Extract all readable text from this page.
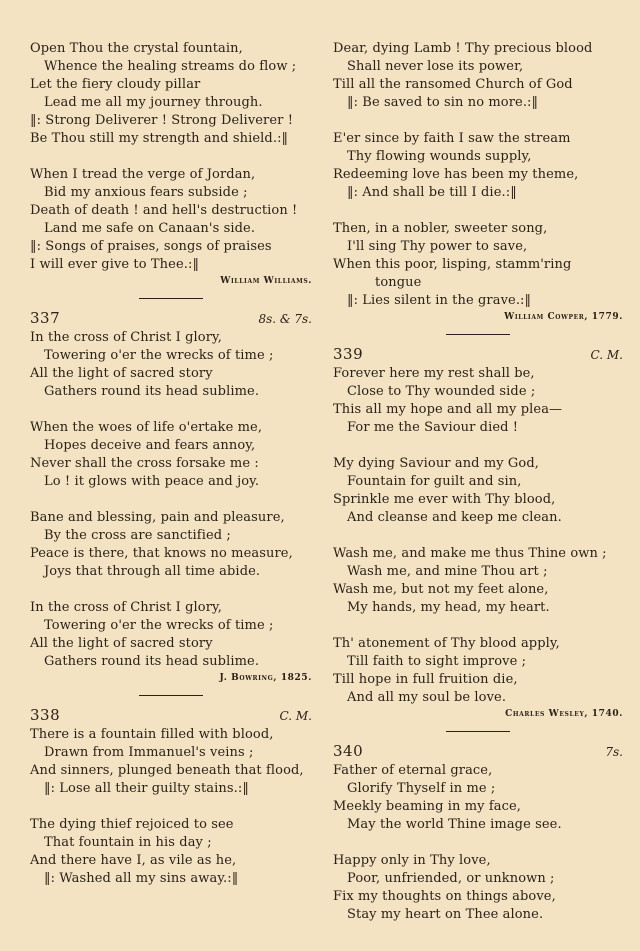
Open Thou the crystal fountain,
Whence the healing streams do flow ;
Let the fiery cloudy pillar
Lead me all my journey through.
‖: Strong Deliverer ! Strong Deliverer !
Be Thou still my strength and shield.:‖
When I tread the verge of Jordan,
Bid my anxious fears subside ;
Death of death ! and hell's destruction !
Land me safe on Canaan's side.
‖: Songs of praises, songs of praises
I will ever give to Thee.:‖
William Williams.
337	8s. & 7s.
In the cross of Christ I glory,
Towering o'er the wrecks of time ;
All the light of sacred story
Gathers round its head sublime.
When the woes of life o'ertake me,
Hopes deceive and fears annoy,
Never shall the cross forsake me :
Lo ! it glows with peace and joy.
Bane and blessing, pain and pleasure,
By the cross are sanctified ;
Peace is there, that knows no measure,
Joys that through all time abide.
In the cross of Christ I glory,
Towering o'er the wrecks of time ;
All the light of sacred story
Gathers round its head sublime.
J. Bowring, 1825.
338	C. M.
There is a fountain filled with blood,
Drawn from Immanuel's veins ;
And sinners, plunged beneath that flood,
‖: Lose all their guilty stains.:‖
The dying thief rejoiced to see
That fountain in his day ;
And there have I, as vile as he,
‖: Washed all my sins away.:‖
Dear, dying Lamb ! Thy precious blood
Shall never lose its power,
Till all the ransomed Church of God
‖: Be saved to sin no more.:‖
E'er since by faith I saw the stream
Thy flowing wounds supply,
Redeeming love has been my theme,
‖: And shall be till I die.:‖
Then, in a nobler, sweeter song,
I'll sing Thy power to save,
When this poor, lisping, stamm'ring
tongue
‖: Lies silent in the grave.:‖
William Cowper, 1779.
339	C. M.
Forever here my rest shall be,
Close to Thy wounded side ;
This all my hope and all my plea—
For me the Saviour died !
My dying Saviour and my God,
Fountain for guilt and sin,
Sprinkle me ever with Thy blood,
And cleanse and keep me clean.
Wash me, and make me thus Thine own ;
Wash me, and mine Thou art ;
Wash me, but not my feet alone,
My hands, my head, my heart.
Th' atonement of Thy blood apply,
Till faith to sight improve ;
Till hope in full fruition die,
And all my soul be love.
Charles Wesley, 1740.
340	7s.
Father of eternal grace,
Glorify Thyself in me ;
Meekly beaming in my face,
May the world Thine image see.
Happy only in Thy love,
Poor, unfriended, or unknown ;
Fix my thoughts on things above,
Stay my heart on Thee alone.
